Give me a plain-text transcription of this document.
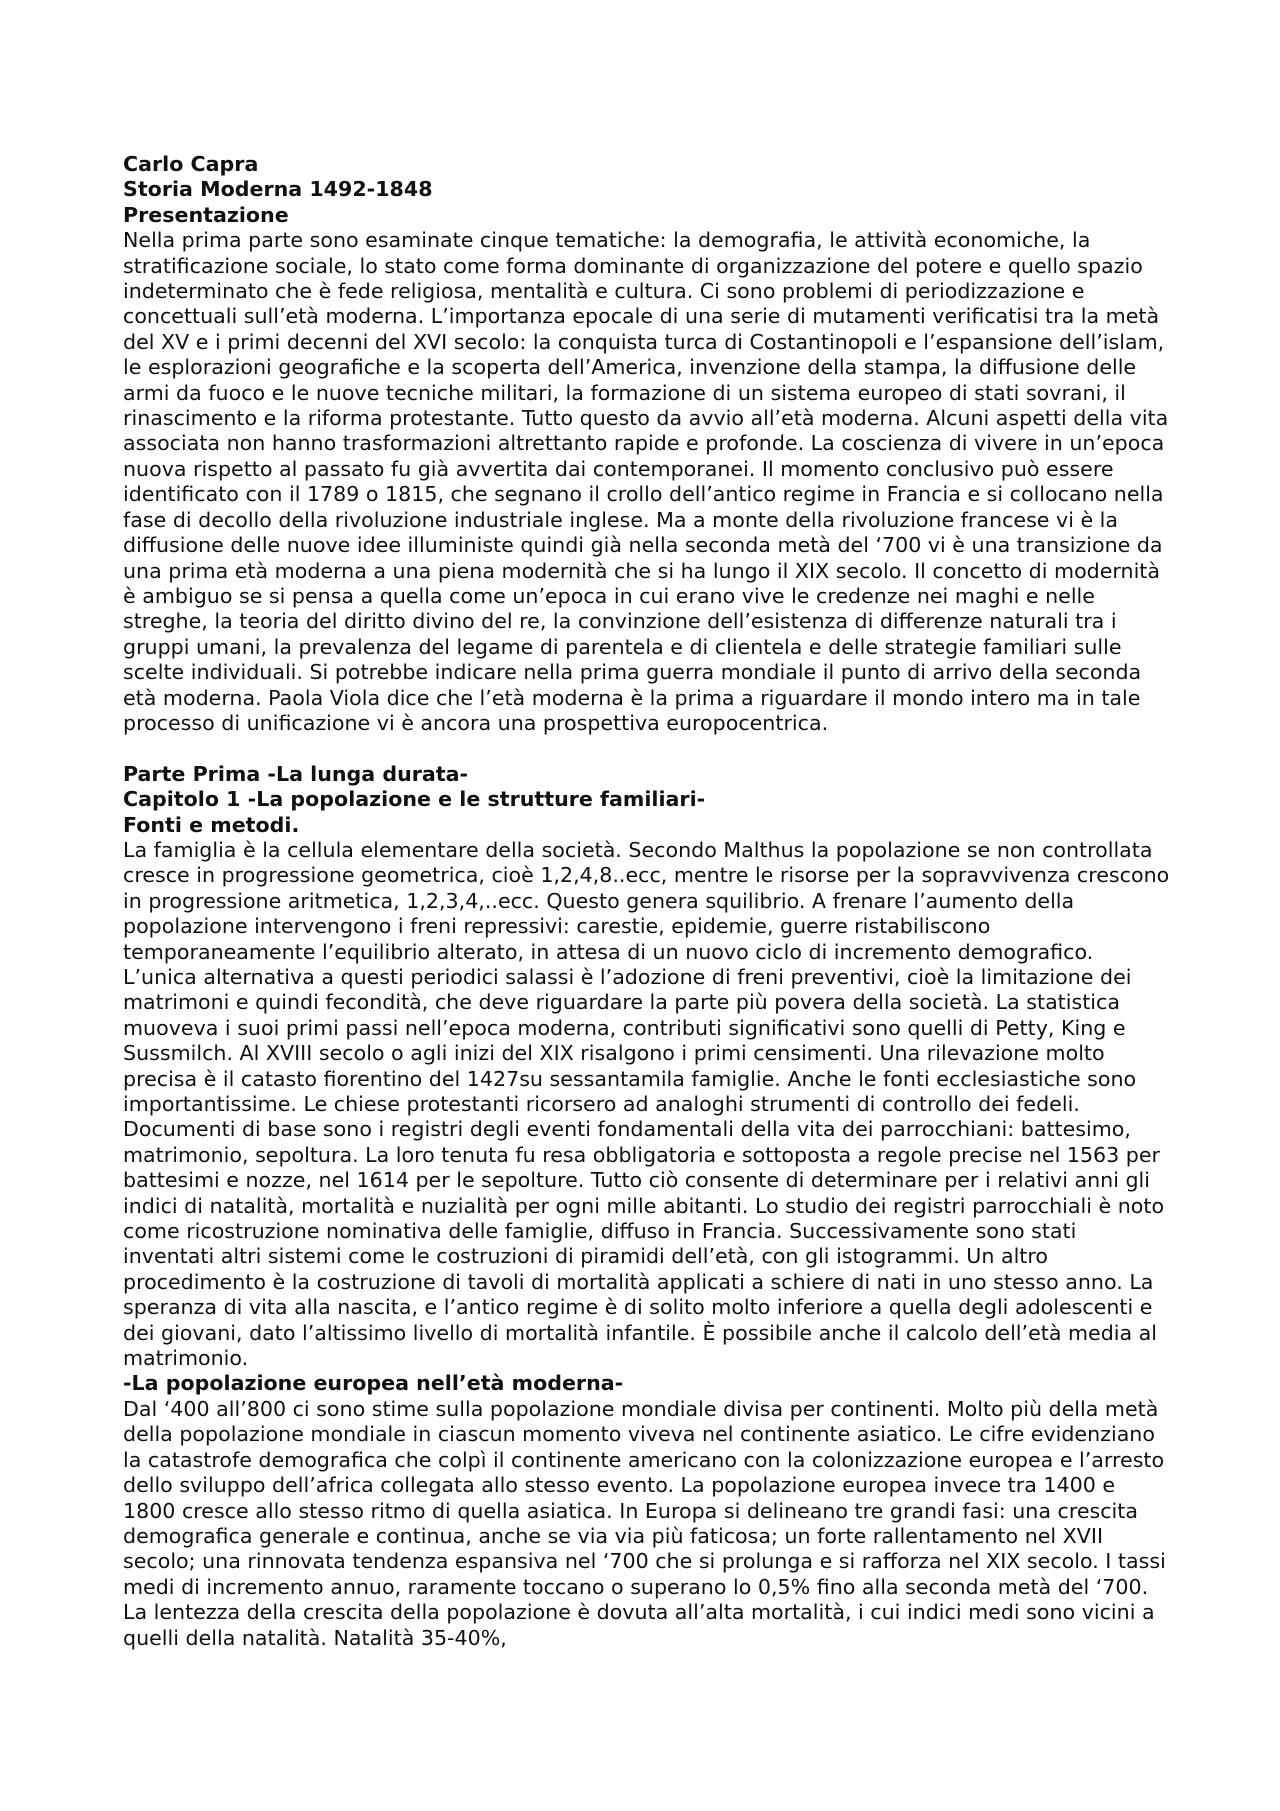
Carlo Capra

Storia Moderna 1492-1848
Presentazione

Nella prima parte sono esaminate cinque tematiche: la demografia, le attività economiche, la stratificazione sociale, lo stato come forma dominante di organizzazione del potere e quello spazio indeterminato che è fede religiosa, mentalità e cultura. Ci sono problemi di periodizzazione e concettuali sull’età moderna. L’importanza epocale di una serie di mutamenti verificatisi tra la metà del XV e i primi decenni del XVI secolo: la conquista turca di Costantinopoli e l’espansione dell’islam, le esplorazioni geografiche e la scoperta dell’America, invenzione della stampa, la diffusione delle armi da fuoco e le nuove tecniche militari, la formazione di un sistema europeo di stati sovrani, il rinascimento e la riforma protestante. Tutto questo da avvio all’età moderna. Alcuni aspetti della vita associata non hanno trasformazioni altrettanto rapide e profonde. La coscienza di vivere in un’epoca nuova rispetto al passato fu già avvertita dai contemporanei. Il momento conclusivo può essere identificato con il 1789 o 1815, che segnano il crollo dell’antico regime in Francia e si collocano nella fase di decollo della rivoluzione industriale inglese. Ma a monte della rivoluzione francese vi è la diffusione delle nuove idee illuministe quindi già nella seconda metà del ‘700 vi è una transizione da una prima età moderna a una piena modernità che si ha lungo il XIX secolo. Il concetto di modernità è ambiguo se si pensa a quella come un’epoca in cui erano vive le credenze nei maghi e nelle streghe, la teoria del diritto divino del re, la convinzione dell’esistenza di differenze naturali tra i gruppi umani, la prevalenza del legame di parentela e di clientela e delle strategie familiari sulle scelte individuali. Si potrebbe indicare nella prima guerra mondiale il punto di arrivo della seconda età moderna. Paola Viola dice che l’età moderna è la prima a riguardare il mondo intero ma in tale processo di unificazione vi è ancora una prospettiva europocentrica.

Parte Prima -La lunga durata-
Capitolo 1 -La popolazione e le strutture familiari-
Fonti e metodi.

La famiglia è la cellula elementare della società. Secondo Malthus la popolazione se non controllata cresce in progressione geometrica, cioè 1,2,4,8..ecc, mentre le risorse per la sopravvivenza crescono in progressione aritmetica, 1,2,3,4,..ecc. Questo genera squilibrio. A frenare l’aumento della popolazione intervengono i freni repressivi: carestie, epidemie, guerre ristabiliscono temporaneamente l’equilibrio alterato, in attesa di un nuovo ciclo di incremento demografico. L’unica alternativa a questi periodici salassi è l’adozione di freni preventivi, cioè la limitazione dei matrimoni e quindi fecondità, che deve riguardare la parte più povera della società. La statistica muoveva i suoi primi passi nell’epoca moderna, contributi significativi sono quelli di Petty, King e Sussmilch. Al XVIII secolo o agli inizi del XIX risalgono i primi censimenti. Una rilevazione molto precisa è il catasto fiorentino del 1427su sessantamila famiglie. Anche le fonti ecclesiastiche sono importantissime. Le chiese protestanti ricorsero ad analoghi strumenti di controllo dei fedeli. Documenti di base sono i registri degli eventi fondamentali della vita dei parrocchiani: battesimo, matrimonio, sepoltura. La loro tenuta fu resa obbligatoria e sottoposta a regole precise nel 1563 per battesimi e nozze, nel 1614 per le sepolture. Tutto ciò consente di determinare per i relativi anni gli indici di natalità, mortalità e nuzialità per ogni mille abitanti. Lo studio dei registri parrocchiali è noto come ricostruzione nominativa delle famiglie, diffuso in Francia. Successivamente sono stati inventati altri sistemi come le costruzioni di piramidi dell’età, con gli istogrammi. Un altro procedimento è la costruzione di tavoli di mortalità applicati a schiere di nati in uno stesso anno. La speranza di vita alla nascita, e l’antico regime è di solito molto inferiore a quella degli adolescenti e dei giovani, dato l’altissimo livello di mortalità infantile. È possibile anche il calcolo dell’età media al matrimonio.

-La popolazione europea nell’età moderna-

Dal ‘400 all’800 ci sono stime sulla popolazione mondiale divisa per continenti. Molto più della metà della popolazione mondiale in ciascun momento viveva nel continente asiatico. Le cifre evidenziano la catastrofe demografica che colpì il continente americano con la colonizzazione europea e l’arresto dello sviluppo dell’africa collegata allo stesso evento. La popolazione europea invece tra 1400 e 1800 cresce allo stesso ritmo di quella asiatica. In Europa si delineano tre grandi fasi: una crescita demografica generale e continua, anche se via via più faticosa; un forte rallentamento nel XVII secolo; una rinnovata tendenza espansiva nel ‘700 che si prolunga e si rafforza nel XIX secolo. I tassi medi di incremento annuo, raramente toccano o superano lo 0,5% fino alla seconda metà del ‘700. La lentezza della crescita della popolazione è dovuta all’alta mortalità, i cui indici medi sono vicini a quelli della natalità. Natalità 35-40%,
